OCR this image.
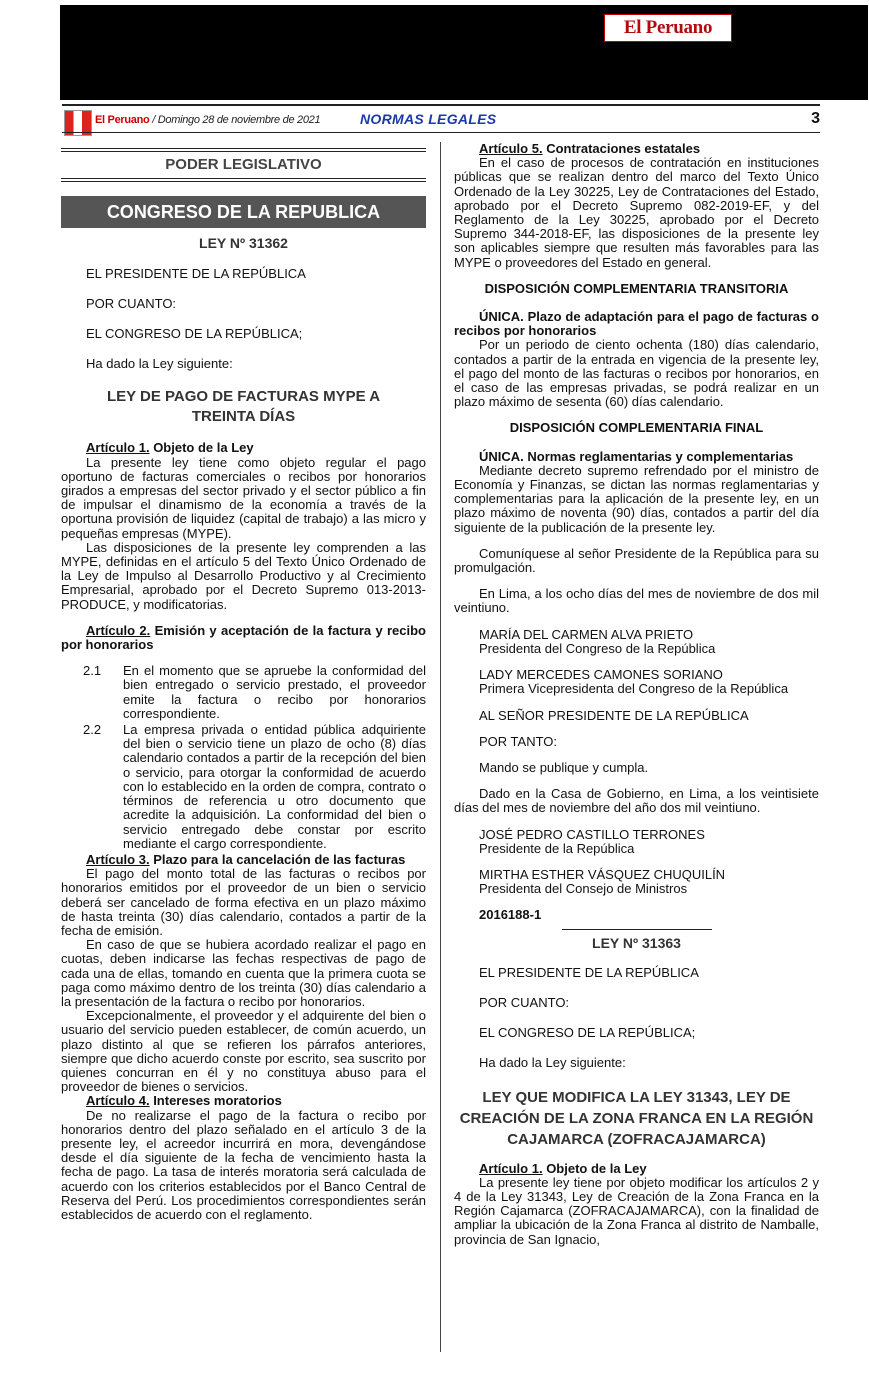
El Peruano
El Peruano / Domingo 28 de noviembre de 2021	NORMAS LEGALES	3
PODER LEGISLATIVO
CONGRESO DE LA REPUBLICA
LEY Nº 31362

EL PRESIDENTE DE LA REPÚBLICA

POR CUANTO:

EL CONGRESO DE LA REPÚBLICA;

Ha dado la Ley siguiente:

LEY DE PAGO DE FACTURAS MYPE A
TREINTA DÍAS

Artículo 1. Objeto de la Ley

La presente ley tiene como objeto regular el pago oportuno de facturas comerciales o recibos por honorarios girados a empresas del sector privado y el sector público a fin de impulsar el dinamismo de la economía a través de la oportuna provisión de liquidez (capital de trabajo) a las micro y pequeñas empresas (MYPE).

Las disposiciones de la presente ley comprenden a las MYPE, definidas en el artículo 5 del Texto Único Ordenado de la Ley de Impulso al Desarrollo Productivo y al Crecimiento Empresarial, aprobado por el Decreto Supremo 013-2013-PRODUCE, y modificatorias.

Artículo 2. Emisión y aceptación de la factura y recibo por honorarios

2.1	En el momento que se apruebe la conformidad del bien entregado o servicio prestado, el proveedor emite la factura o recibo por honorarios correspondiente.
2.2	La empresa privada o entidad pública adquiriente del bien o servicio tiene un plazo de ocho (8) días calendario contados a partir de la recepción del bien o servicio, para otorgar la conformidad de acuerdo con lo establecido en la orden de compra, contrato o términos de referencia u otro documento que acredite la adquisición. La conformidad del bien o servicio entregado debe constar por escrito mediante el cargo correspondiente.

Artículo 3. Plazo para la cancelación de las facturas

El pago del monto total de las facturas o recibos por honorarios emitidos por el proveedor de un bien o servicio deberá ser cancelado de forma efectiva en un plazo máximo de hasta treinta (30) días calendario, contados a partir de la fecha de emisión.

En caso de que se hubiera acordado realizar el pago en cuotas, deben indicarse las fechas respectivas de pago de cada una de ellas, tomando en cuenta que la primera cuota se paga como máximo dentro de los treinta (30) días calendario a la presentación de la factura o recibo por honorarios.

Excepcionalmente, el proveedor y el adquirente del bien o usuario del servicio pueden establecer, de común acuerdo, un plazo distinto al que se refieren los párrafos anteriores, siempre que dicho acuerdo conste por escrito, sea suscrito por quienes concurran en él y no constituya abuso para el proveedor de bienes o servicios.

Artículo 4. Intereses moratorios

De no realizarse el pago de la factura o recibo por honorarios dentro del plazo señalado en el artículo 3 de la presente ley, el acreedor incurrirá en mora, devengándose desde el día siguiente de la fecha de vencimiento hasta la fecha de pago. La tasa de interés moratoria será calculada de acuerdo con los criterios establecidos por el Banco Central de Reserva del Perú. Los procedimientos correspondientes serán establecidos de acuerdo con el reglamento.

Artículo 5. Contrataciones estatales

En el caso de procesos de contratación en instituciones públicas que se realizan dentro del marco del Texto Único Ordenado de la Ley 30225, Ley de Contrataciones del Estado, aprobado por el Decreto Supremo 082-2019-EF, y del Reglamento de la Ley 30225, aprobado por el Decreto Supremo 344-2018-EF, las disposiciones de la presente ley son aplicables siempre que resulten más favorables para las MYPE o proveedores del Estado en general.

DISPOSICIÓN COMPLEMENTARIA TRANSITORIA

ÚNICA. Plazo de adaptación para el pago de facturas o recibos por honorarios

Por un periodo de ciento ochenta (180) días calendario, contados a partir de la entrada en vigencia de la presente ley, el pago del monto de las facturas o recibos por honorarios, en el caso de las empresas privadas, se podrá realizar en un plazo máximo de sesenta (60) días calendario.

DISPOSICIÓN COMPLEMENTARIA FINAL

ÚNICA. Normas reglamentarias y complementarias

Mediante decreto supremo refrendado por el ministro de Economía y Finanzas, se dictan las normas reglamentarias y complementarias para la aplicación de la presente ley, en un plazo máximo de noventa (90) días, contados a partir del día siguiente de la publicación de la presente ley.

Comuníquese al señor Presidente de la República para su promulgación.

En Lima, a los ocho días del mes de noviembre de dos mil veintiuno.

MARÍA DEL CARMEN ALVA PRIETO

Presidenta del Congreso de la República

LADY MERCEDES CAMONES SORIANO

Primera Vicepresidenta del Congreso de la República

AL SEÑOR PRESIDENTE DE LA REPÚBLICA

POR TANTO:

Mando se publique y cumpla.

Dado en la Casa de Gobierno, en Lima, a los veintisiete días del mes de noviembre del año dos mil veintiuno.

JOSÉ PEDRO CASTILLO TERRONES

Presidente de la República

MIRTHA ESTHER VÁSQUEZ CHUQUILÍN

Presidenta del Consejo de Ministros

2016188-1

LEY Nº 31363

EL PRESIDENTE DE LA REPÚBLICA

POR CUANTO:

EL CONGRESO DE LA REPÚBLICA;

Ha dado la Ley siguiente:

LEY QUE MODIFICA LA LEY 31343, LEY DE
CREACIÓN DE LA ZONA FRANCA EN LA REGIÓN
CAJAMARCA (ZOFRACAJAMARCA)

Artículo 1. Objeto de la Ley

La presente ley tiene por objeto modificar los artículos 2 y 4 de la Ley 31343, Ley de Creación de la Zona Franca en la Región Cajamarca (ZOFRACAJAMARCA), con la finalidad de ampliar la ubicación de la Zona Franca al distrito de Namballe, provincia de San Ignacio,
